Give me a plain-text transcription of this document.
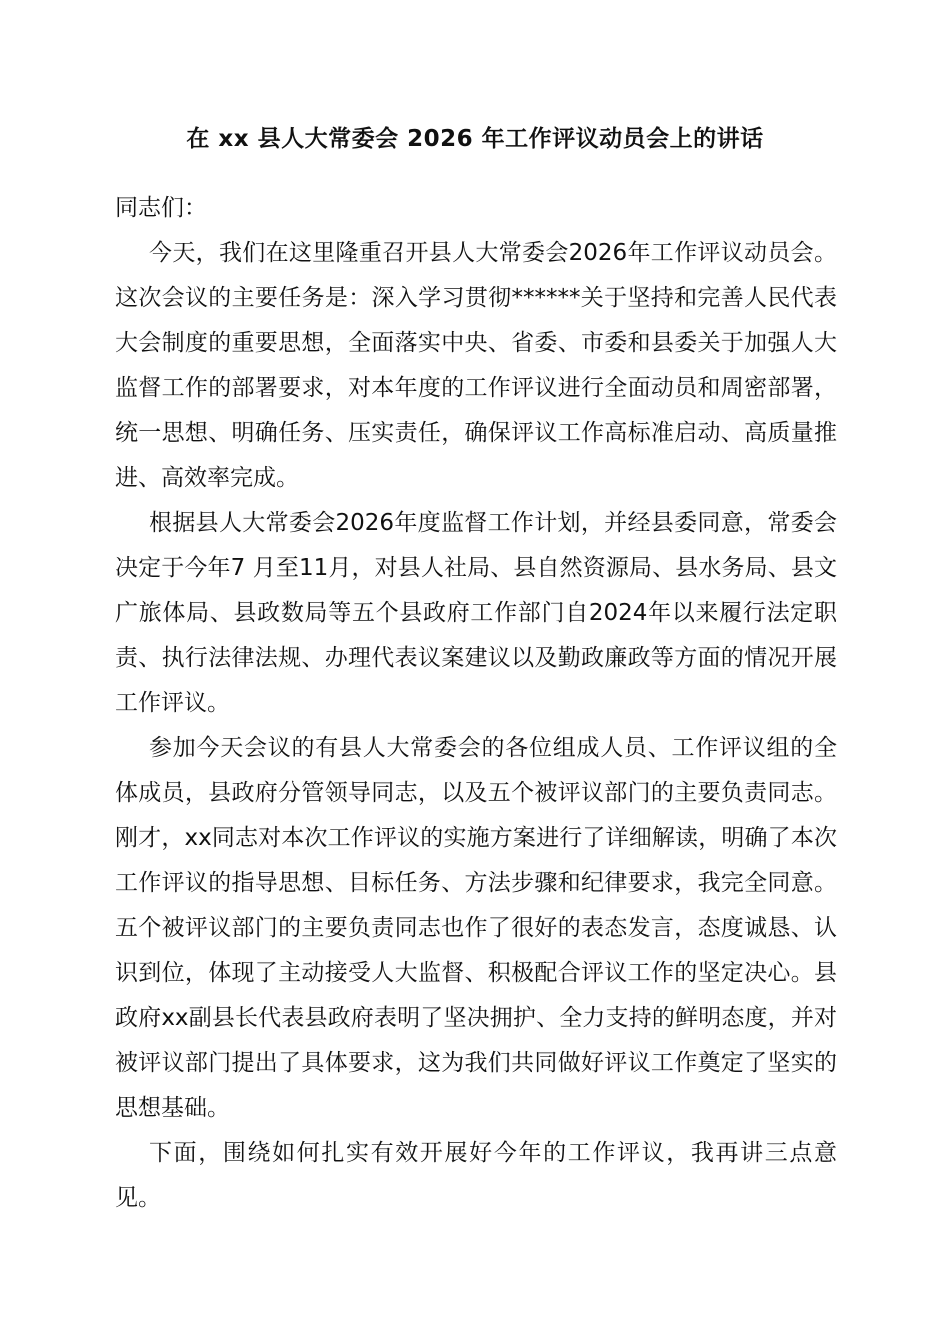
在 xx 县人大常委会 2026 年工作评议动员会上的讲话

同志们：

今天，我们在这里隆重召开县人大常委会2026年工作评议动员会。这次会议的主要任务是：深入学习贯彻******关于坚持和完善人民代表大会制度的重要思想，全面落实中央、省委、市委和县委关于加强人大监督工作的部署要求，对本年度的工作评议进行全面动员和周密部署，统一思想、明确任务、压实责任，确保评议工作高标准启动、高质量推进、高效率完成。

根据县人大常委会2026年度监督工作计划，并经县委同意，常委会决定于今年7 月至11月，对县人社局、县自然资源局、县水务局、县文广旅体局、县政数局等五个县政府工作部门自2024年以来履行法定职责、执行法律法规、办理代表议案建议以及勤政廉政等方面的情况开展工作评议。

参加今天会议的有县人大常委会的各位组成人员、工作评议组的全体成员，县政府分管领导同志，以及五个被评议部门的主要负责同志。刚才，xx同志对本次工作评议的实施方案进行了详细解读，明确了本次工作评议的指导思想、目标任务、方法步骤和纪律要求，我完全同意。五个被评议部门的主要负责同志也作了很好的表态发言，态度诚恳、认识到位，体现了主动接受人大监督、积极配合评议工作的坚定决心。县政府xx副县长代表县政府表明了坚决拥护、全力支持的鲜明态度，并对被评议部门提出了具体要求，这为我们共同做好评议工作奠定了坚实的思想基础。

下面，围绕如何扎实有效开展好今年的工作评议，我再讲三点意见。
